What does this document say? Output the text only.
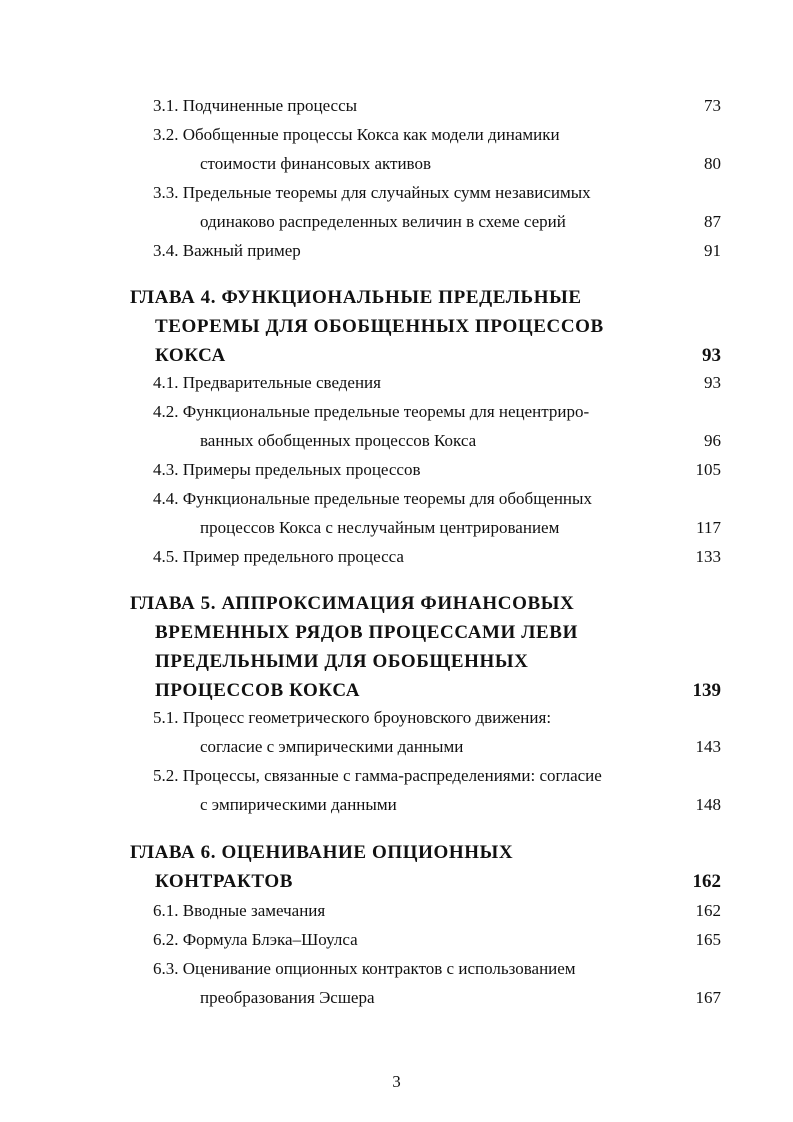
3.1. Подчиненные процессы	73
3.2. Обобщенные процессы Кокса как модели динамики
стоимости финансовых активов	80
3.3. Предельные теоремы для случайных сумм независимых
одинаково распределенных величин в схеме серий	87
3.4. Важный пример	91
ГЛАВА 4. ФУНКЦИОНАЛЬНЫЕ ПРЕДЕЛЬНЫЕ
ТЕОРЕМЫ ДЛЯ ОБОБЩЕННЫХ ПРОЦЕССОВ
КОКСА	93
4.1. Предварительные сведения	93
4.2. Функциональные предельные теоремы для нецентриро-
ванных обобщенных процессов Кокса	96
4.3. Примеры предельных процессов	105
4.4. Функциональные предельные теоремы для обобщенных
процессов Кокса с неслучайным центрированием	117
4.5. Пример предельного процесса	133
ГЛАВА 5. АППРОКСИМАЦИЯ ФИНАНСОВЫХ
ВРЕМЕННЫХ РЯДОВ ПРОЦЕССАМИ ЛЕВИ
ПРЕДЕЛЬНЫМИ ДЛЯ ОБОБЩЕННЫХ
ПРОЦЕССОВ КОКСА	139
5.1. Процесс геометрического броуновского движения:
согласие с эмпирическими данными	143
5.2. Процессы, связанные с гамма-распределениями: согласие
с эмпирическими данными	148
ГЛАВА 6. ОЦЕНИВАНИЕ ОПЦИОННЫХ
КОНТРАКТОВ	162
6.1. Вводные замечания	162
6.2. Формула Блэка–Шоулса	165
6.3. Оценивание опционных контрактов с использованием
преобразования Эсшера	167
3
